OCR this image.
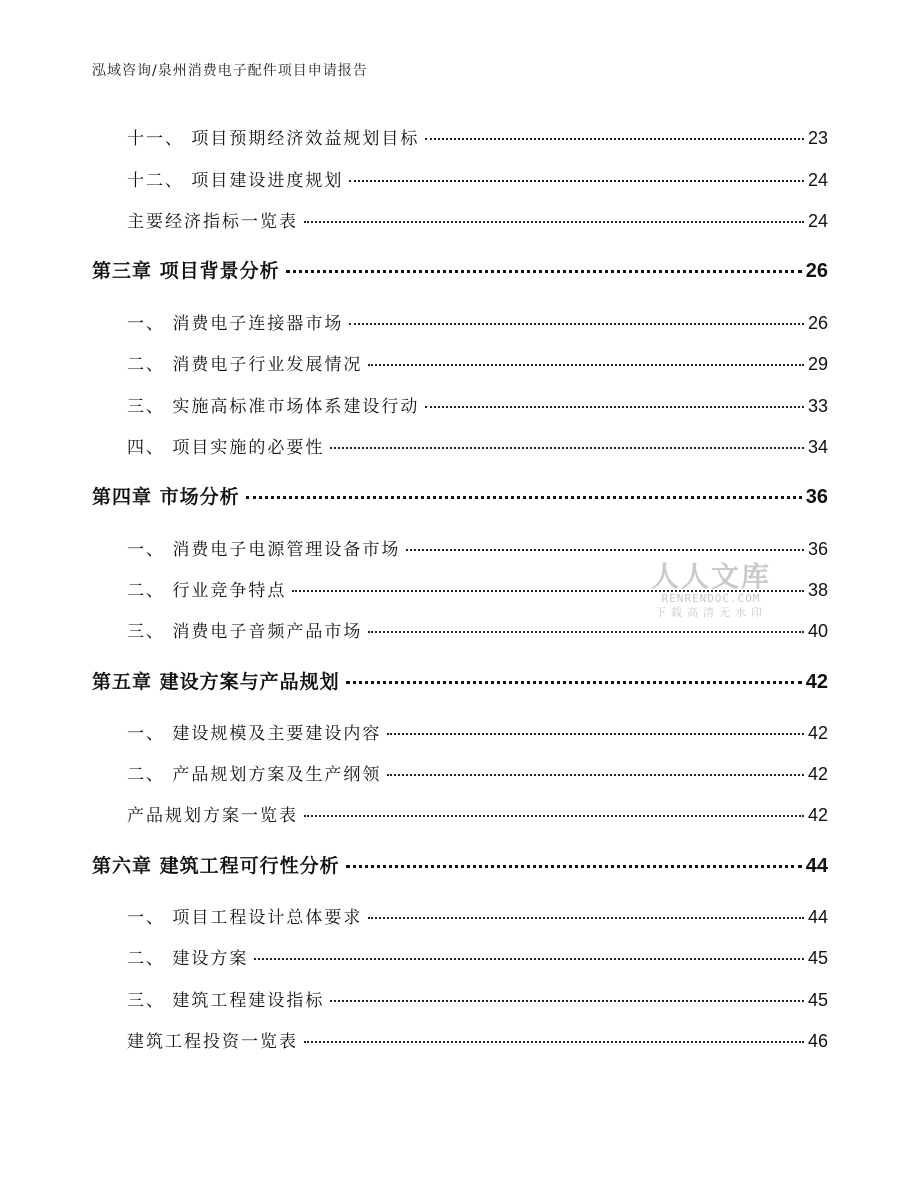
泓域咨询/泉州消费电子配件项目申请报告
十一、 项目预期经济效益规划目标	23
十二、 项目建设进度规划	24
主要经济指标一览表	24
第三章 项目背景分析	26
一、 消费电子连接器市场	26
二、 消费电子行业发展情况	29
三、 实施高标准市场体系建设行动	33
四、 项目实施的必要性	34
第四章 市场分析	36
一、 消费电子电源管理设备市场	36
二、 行业竞争特点	38
三、 消费电子音频产品市场	40
第五章 建设方案与产品规划	42
一、 建设规模及主要建设内容	42
二、 产品规划方案及生产纲领	42
产品规划方案一览表	42
第六章 建筑工程可行性分析	44
一、 项目工程设计总体要求	44
二、 建设方案	45
三、 建筑工程建设指标	45
建筑工程投资一览表	46
人人文库
RENRENDOC.COM
下载高清无水印
